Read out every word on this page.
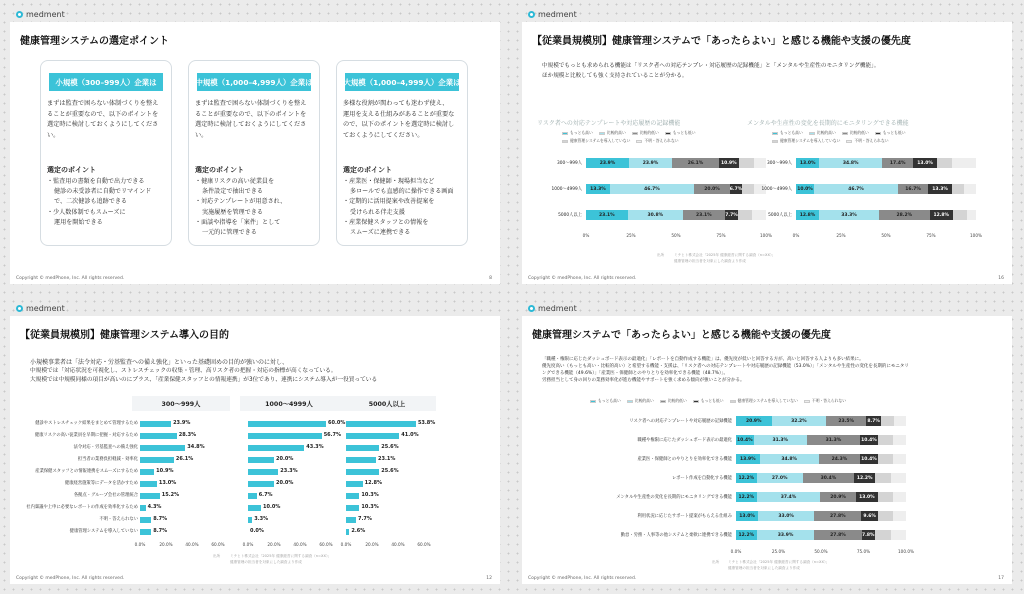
medment
健康管理システムの選定ポイント
小規模（300–999人）企業は
まずは監査で困らない体制づくりを整え
ることが重要なので、以下のポイントを
選定時に検討しておくようにしてくださ
い。
選定のポイント
・ 監査用の書類を自動で出力できる
健診の未受診者に自動でリマインド
で、二次健診も追跡できる
・ 少人数体制でもスムーズに
運用を開始できる
中規模（1,000–4,999人）企業は
まずは監査で困らない体制づくりを整え
ることが重要なので、以下のポイントを
選定時に検討しておくようにしてくださ
い。
選定のポイント
・ 健康リスクの高い従業員を
条件設定で抽出できる
・ 対応テンプレートが用意され、
実施履歴を管理できる
・ 面談や指導を「案件」として
一元的に管理できる
大規模（1,000–4,999人）企業は
多様な役割が関わっても迷わず使え、
運用を支える仕組みがあることが重要な
ので、以下のポイントを選定時に検討し
ておくようにしてください。
選定のポイント
・ 産業医・保健師・現場担当など
多ロールでも直感的に操作できる画面
・ 定期的に活用提案や改善提案を
受けられる伴走支援
・ 産業保健スタッフとの情報を
スムーズに連携できる
Copyright © medPhone, Inc. All rights reserved.	8
medment
【従業員規模別】健康管理システムで「あったらよい」と感じる機能や支援の優先度
中規模でもっとも求められる機能は「リスク者への対応テンプレ・対応履歴の記録機能」と「メンタルや生産性のモニタリング機能」。
ほか規模と比較しても強く支持されていることが分かる。
リスク者への対応テンプレートや対応履歴の記録機能
もっとも高い	比較的高い	比較的低い	もっとも低い
健康管理システムを導入していない	不明・答えられない
300〜999人	23.9%	23.9%	26.1%	10.9%
1000〜4999人 13.3%	46.7%	20.0% 6.7%
5000人以上	23.1%	30.8%	23.1%	7.7%
0%	25%	50%	75%	100%
メンタルや生産性の変化を長期的にモニタリングできる機能
もっとも高い	比較的高い	比較的低い	もっとも低い
健康管理システムを導入していない	不明・答えられない
300〜999人 13.0%	34.8%	17.4%	13.0%
1000〜4999人 10.0%	46.7%	16.7%	13.3%
5000人以上 12.8%	33.3%	28.2%	12.8%
0%	25%	50%	75%	100%
出所	ミチヒト株式会社「2025年 健康経営に関する調査（n=XX）」
健康管理の担当者を対象にした調査より作成
Copyright © medPhone, Inc. All rights reserved.	16
medment
【従業員規模別】健康管理システム導入の目的
小規模事業者は「法令対応・労基監査への備え強化」といった基礎固めの目的が強いのに対し、
中規模では「対応状況を可視化し、ストレスチェックの収集・管理、高リスク者の把握・対応の指標が高くなっている。
大規模では中規模同様の項目が高いのにプラス、「産業保健スタッフとの情報連携」が3位であり、連携にシステム導入が一役買っている
300〜999人	1000〜4999人	5000人以上
健診やストレスチェック結果をまとめて管理するため	23.9%	60.0%	53.8%
健康リスクの高い従業員を早期に把握・対応するため	28.3%	56.7%	41.0%
法令対応・労基監査への備え強化	34.8%	43.3%	25.6%
担当者の業務負担軽減・効率化	26.1%	20.0%	23.1%
産業保健スタッフとの情報連携をスムーズにするため	10.9%	23.3%	25.6%
健康経営施策等にデータを活かすため	13.0%	20.0%	12.8%
各拠点・グループ会社の管理統合	15.2%	6.7%	10.3%
社内稟議や上申に必要なレポートの作成を効率化するため 4.3%	10.0%	10.3%
不明・答えられない	8.7%	3.3%	7.7%
健康管理システムを導入していない	8.7%	0.0%	2.6%
0.0%	20.0%	40.0%	60.0%	0.0%	20.0%	40.0%	60.0% 0.0%	20.0%	40.0%	60.0%
出所	ミチヒト株式会社「2025年 健康経営に関する調査（n=XX）」
健康管理の担当者を対象にした調査より作成
Copyright © medPhone, Inc. All rights reserved.	12
medment
健康管理システムで「あったらよい」と感じる機能や支援の優先度
「職種・権限に応じたダッシュボード表示の最適化」「レポートを自動作成する機能」は、優先度が低いと回答する方が、高いと回答する人よりも多い結果に。
優先度高い（もっとも高い・比較的高い）と希望する機能・支援は、「リスク者への対応テンプレートや対応履歴の記録機能（53.0%）」「メンタルや生産性の変化を長期的にモニタリ
ングできる機能（49.6%）」「産業医・保健師とのやりとりを効率化できる機能（48.7%）」。
労務担当として身の回りの業務効率化が進む機能やサポートを強く求める傾向が強いことが分かる。
もっとも高い	比較的高い	比較的低い	もっとも低い	健康管理システムを導入していない	不明・答えられない
リスク者への対応テンプレートや対応履歴の記録機能	20.9%	32.2%	23.5%	8.7%
職種や権限に応じたダッシュボード表示の最適化 10.4%	31.3%	31.3%	10.4%
産業医・保健師とのやりとりを効率化できる機能 13.9%	34.8%	24.3%	10.4%
レポート作成を自動化する機能 12.2%	27.0%	30.4%	12.2%
メンタルや生産性の変化を長期的にモニタリングできる機能 12.2%	37.4%	20.9%	13.0%
利用状況に応じたサポート提案がもらえる仕組み 13.0%	33.0%	27.8%	9.6%
勤怠・労務・人事等の他システムと柔軟に連携できる機能 12.2%	33.9%	27.8%	7.8%
0.0%	25.0%	50.0%	75.0%	100.0%
出所 ミチヒト株式会社「2025年 健康経営に関する調査（n=XX）」
健康管理の担当者を対象にした調査より作成
Copyright © medPhone, Inc. All rights reserved.	17
